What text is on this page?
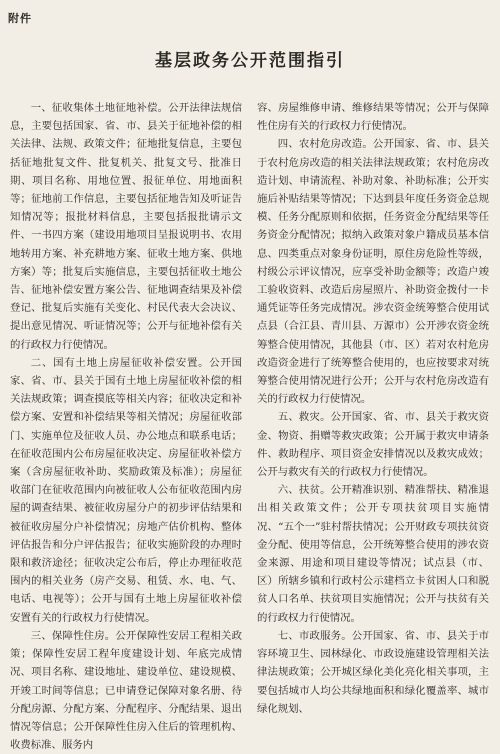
附件
基层政务公开范围指引

一、征收集体土地征地补偿。公开法律法规信息，主要包括国家、省、市、县关于征地补偿的相关法律、法规、政策文件；征地批复信息，主要包括征地批复文件、批复机关、批复文号、批准日期、项目名称、用地位置、报征单位、用地面积等；征地前工作信息，主要包括征地告知及听证告知情况等；报批材料信息，主要包括报批请示文件、一书四方案（建设用地项目呈报说明书、农用地转用方案、补充耕地方案、征收土地方案、供地方案）等；批复后实施信息，主要包括征收土地公告、征地补偿安置方案公告、征地调查结果及补偿登记、批复后实施有关变化、村民代表大会决议、提出意见情况、听证情况等；公开与征地补偿有关的行政权力行使情况。

二、国有土地上房屋征收补偿安置。公开国家、省、市、县关于国有土地上房屋征收补偿的相关法规政策；调查摸底等相关内容；征收决定和补偿方案、安置和补偿结果等相关情况；房屋征收部门、实施单位及征收人员、办公地点和联系电话；在征收范围内公布房屋征收决定、房屋征收补偿方案（含房屋征收补助、奖励政策及标准）；房屋征收部门在征收范围内向被征收人公布征收范围内房屋的调查结果、被征收房屋分户的初步评估结果和被征收房屋分户补偿情况；房地产估价机构、整体评估报告和分户评估报告；征收实施阶段的办理时限和救济途径；征收决定公布后，停止办理征收范围内的相关业务（房产交易、租赁、水、电、气、电话、电视等）；公开与国有土地上房屋征收补偿安置有关的行政权力行使情况。

三、保障性住房。公开保障性安居工程相关政策；保障性安居工程年度建设计划、年底完成情况、项目名称、建设地址、建设单位、建设规模、开竣工时间等信息；已申请登记保障对象名册、待分配房源、分配方案、分配程序、分配结果、退出情况等信息；公开保障性住房入住后的管理机构、收费标准、服务内

容、房屋维修申请、维修结果等情况；公开与保障性住房有关的行政权力行使情况。

四、农村危房改造。公开国家、省、市、县关于农村危房改造的相关法律法规政策；农村危房改造计划、申请流程、补助对象、补助标准；公开实施后补贴结果等情况；下达到县年度任务资金总规模、任务分配原则和依据，任务资金分配结果等任务资金分配情况；拟纳入政策对象户籍成员基本信息、四类重点对象身份证明，原住房危险性等级，村级公示评议情况，应享受补助金额等；改造户竣工验收资料、改造后房屋照片、补助资金拨付一卡通凭证等任务完成情况。涉农资金统筹整合使用试点县（合江县、青川县、万源市）公开涉农资金统筹整合使用情况，其他县（市、区）若对农村危房改造资金进行了统筹整合使用的，也应按要求对统筹整合使用情况进行公开；公开与农村危房改造有关的行政权力行使情况。

五、救灾。公开国家、省、市、县关于救灾资金、物资、捐赠等救灾政策；公开属于救灾申请条件、救助程序、项目资金安排情况以及救灾成效；公开与救灾有关的行政权力行使情况。

六、扶贫。公开精准识别、精准帮扶、精准退出相关政策文件；公开专项扶贫项目实施情况、“五个一”驻村帮扶情况；公开财政专项扶贫资金分配、使用等信息，公开统筹整合使用的涉农资金来源、用途和项目建设等情况；试点县（市、区）所辖乡镇和行政村公示建档立卡贫困人口和脱贫人口名单、扶贫项目实施情况；公开与扶贫有关的行政权力行使情况。

七、市政服务。公开国家、省、市、县关于市容环境卫生、园林绿化、市政设施建设管理相关法律法规政策；公开城区绿化美化亮化相关事项，主要包括城市人均公共绿地面积和绿化覆盖率、城市绿化规划、
